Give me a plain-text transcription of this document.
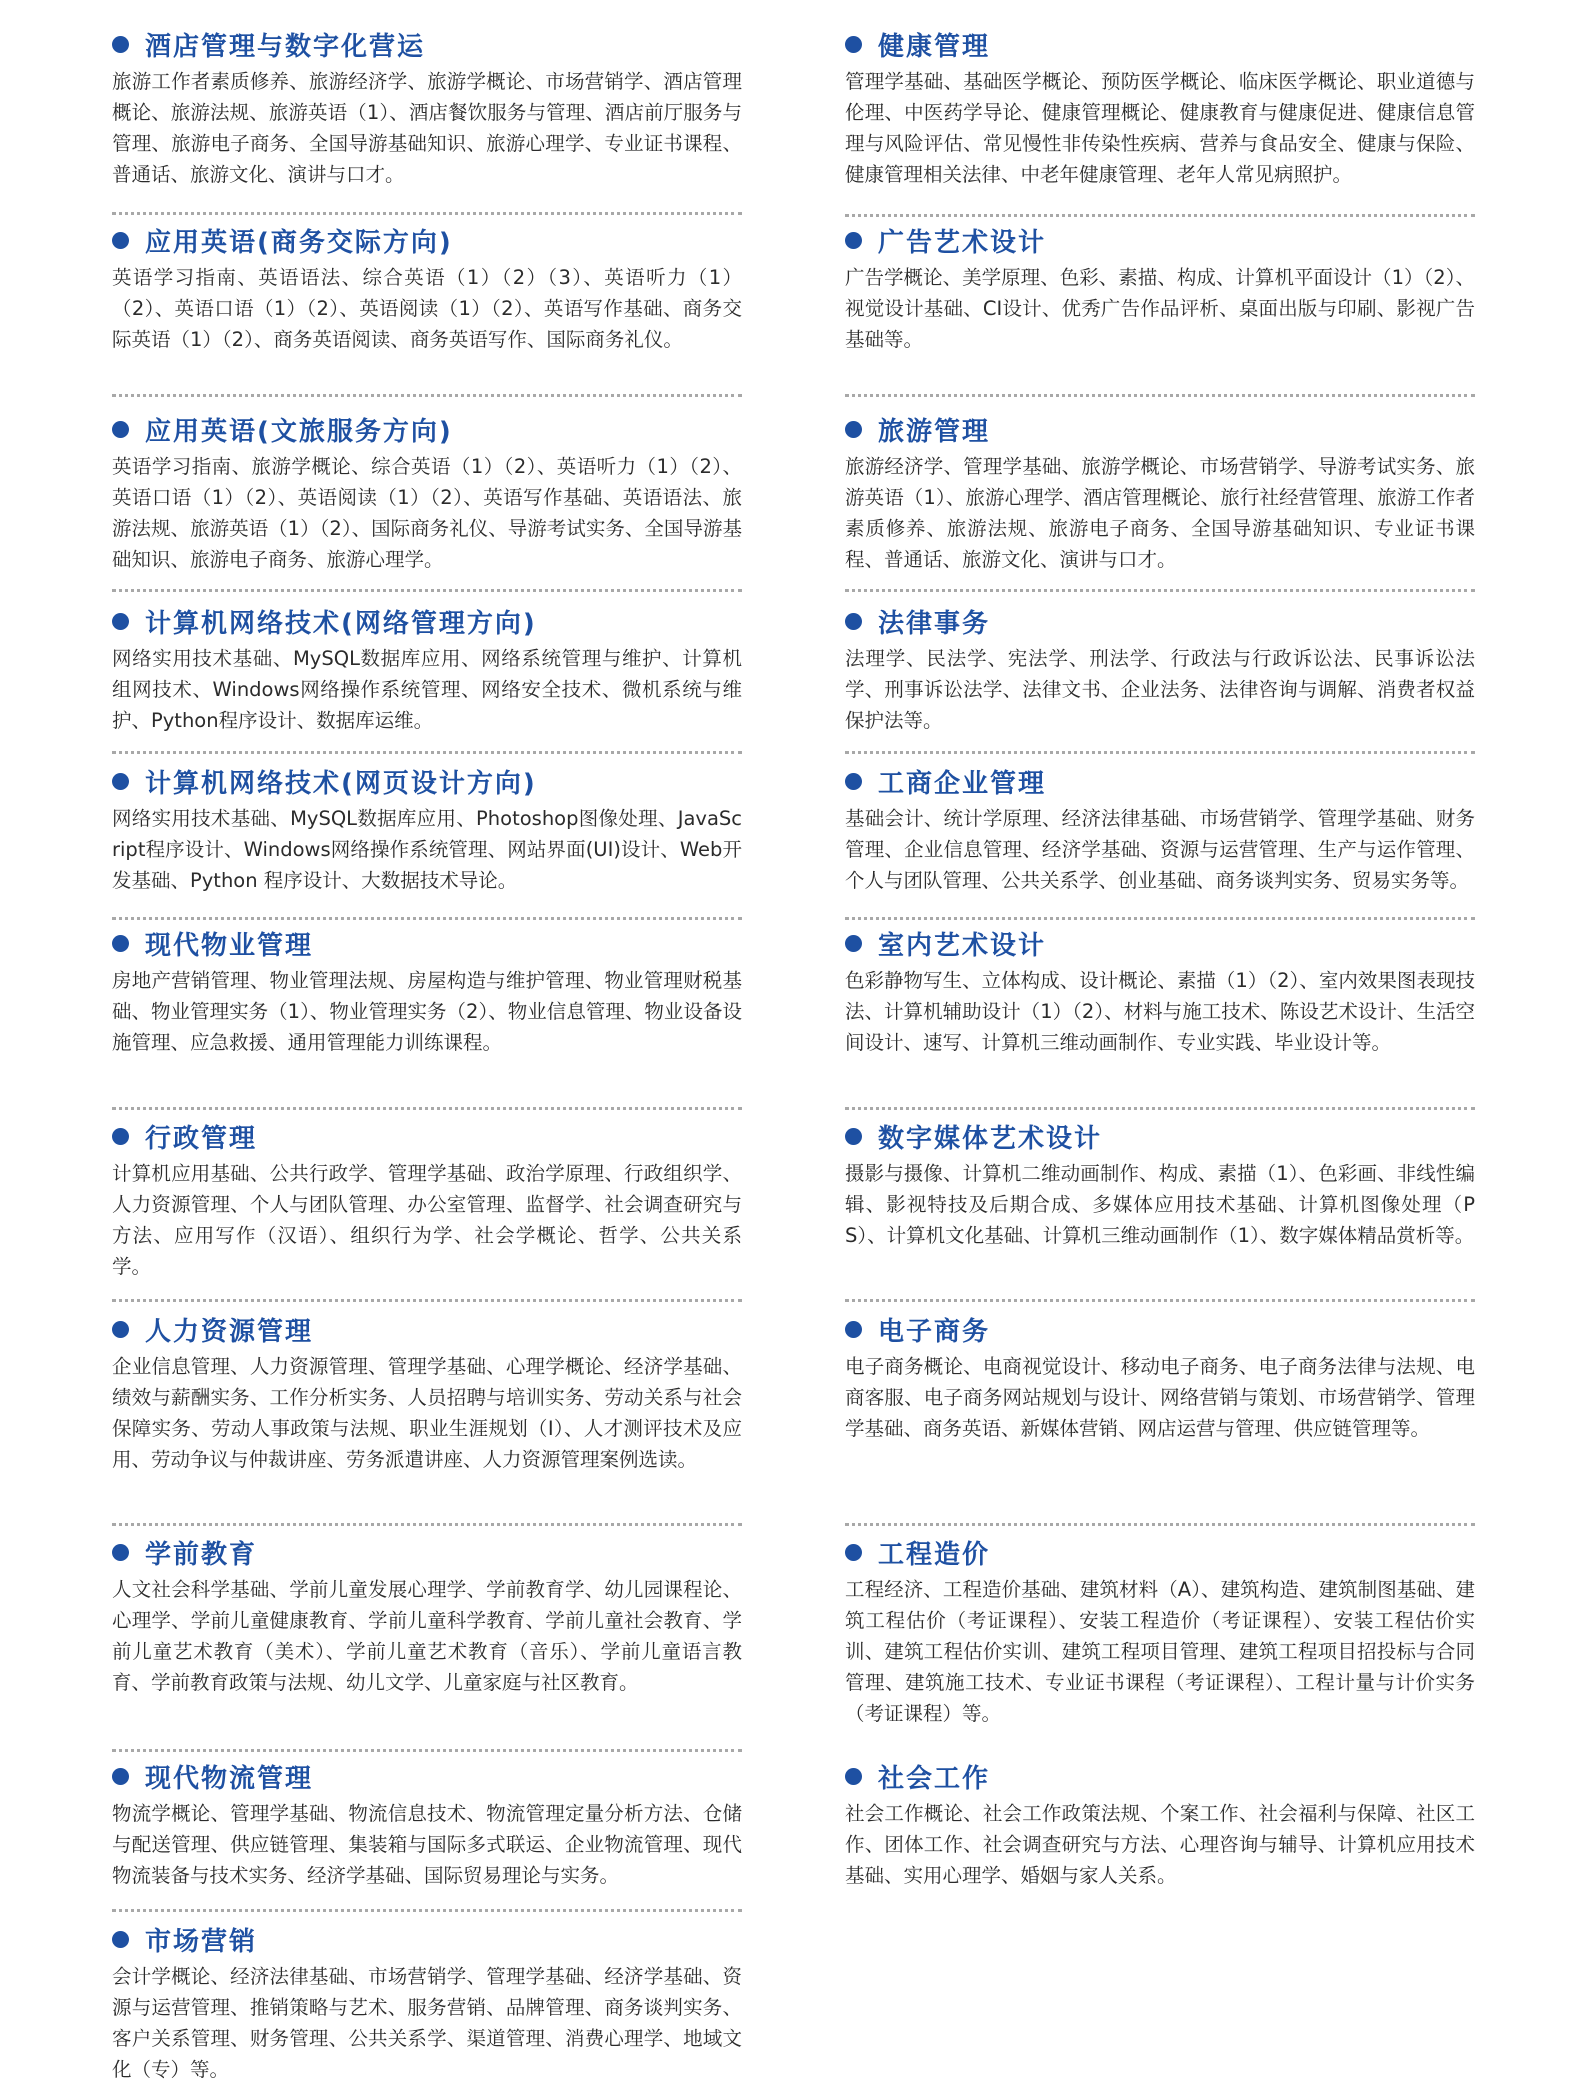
酒店管理与数字化营运
旅游工作者素质修养、旅游经济学、旅游学概论、市场营销学、酒店管理概论、旅游法规、旅游英语（1）、酒店餐饮服务与管理、酒店前厅服务与管理、旅游电子商务、全国导游基础知识、旅游心理学、专业证书课程、普通话、旅游文化、演讲与口才。
应用英语(商务交际方向)
英语学习指南、英语语法、综合英语（1）（2）（3）、英语听力（1）（2）、英语口语（1）（2）、英语阅读（1）（2）、英语写作基础、商务交际英语（1）（2）、商务英语阅读、商务英语写作、国际商务礼仪。
应用英语(文旅服务方向)
英语学习指南、旅游学概论、综合英语（1）（2）、英语听力（1）（2）、英语口语（1）（2）、英语阅读（1）（2）、英语写作基础、英语语法、旅游法规、旅游英语（1）（2）、国际商务礼仪、导游考试实务、全国导游基础知识、旅游电子商务、旅游心理学。
计算机网络技术(网络管理方向)
网络实用技术基础、MySQL数据库应用、网络系统管理与维护、计算机组网技术、Windows网络操作系统管理、网络安全技术、微机系统与维护、Python程序设计、数据库运维。
计算机网络技术(网页设计方向)
网络实用技术基础、MySQL数据库应用、Photoshop图像处理、JavaScript程序设计、Windows网络操作系统管理、网站界面(UI)设计、Web开发基础、Python 程序设计、大数据技术导论。
现代物业管理
房地产营销管理、物业管理法规、房屋构造与维护管理、物业管理财税基础、物业管理实务（1）、物业管理实务（2）、物业信息管理、物业设备设施管理、应急救援、通用管理能力训练课程。
行政管理
计算机应用基础、公共行政学、管理学基础、政治学原理、行政组织学、人力资源管理、个人与团队管理、办公室管理、监督学、社会调查研究与方法、应用写作（汉语）、组织行为学、社会学概论、哲学、公共关系学。
人力资源管理
企业信息管理、人力资源管理、管理学基础、心理学概论、经济学基础、绩效与薪酬实务、工作分析实务、人员招聘与培训实务、劳动关系与社会保障实务、劳动人事政策与法规、职业生涯规划（I）、人才测评技术及应用、劳动争议与仲裁讲座、劳务派遣讲座、人力资源管理案例选读。
学前教育
人文社会科学基础、学前儿童发展心理学、学前教育学、幼儿园课程论、心理学、学前儿童健康教育、学前儿童科学教育、学前儿童社会教育、学前儿童艺术教育（美术）、学前儿童艺术教育（音乐）、学前儿童语言教育、学前教育政策与法规、幼儿文学、儿童家庭与社区教育。
现代物流管理
物流学概论、管理学基础、物流信息技术、物流管理定量分析方法、仓储与配送管理、供应链管理、集装箱与国际多式联运、企业物流管理、现代物流装备与技术实务、经济学基础、国际贸易理论与实务。
市场营销
会计学概论、经济法律基础、市场营销学、管理学基础、经济学基础、资源与运营管理、推销策略与艺术、服务营销、品牌管理、商务谈判实务、客户关系管理、财务管理、公共关系学、渠道管理、消费心理学、地域文化（专）等。
健康管理
管理学基础、基础医学概论、预防医学概论、临床医学概论、职业道德与伦理、中医药学导论、健康管理概论、健康教育与健康促进、健康信息管理与风险评估、常见慢性非传染性疾病、营养与食品安全、健康与保险、健康管理相关法律、中老年健康管理、老年人常见病照护。
广告艺术设计
广告学概论、美学原理、色彩、素描、构成、计算机平面设计（1）（2）、视觉设计基础、CI设计、优秀广告作品评析、桌面出版与印刷、影视广告基础等。
旅游管理
旅游经济学、管理学基础、旅游学概论、市场营销学、导游考试实务、旅游英语（1）、旅游心理学、酒店管理概论、旅行社经营管理、旅游工作者素质修养、旅游法规、旅游电子商务、全国导游基础知识、专业证书课程、普通话、旅游文化、演讲与口才。
法律事务
法理学、民法学、宪法学、刑法学、行政法与行政诉讼法、民事诉讼法学、刑事诉讼法学、法律文书、企业法务、法律咨询与调解、消费者权益保护法等。
工商企业管理
基础会计、统计学原理、经济法律基础、市场营销学、管理学基础、财务管理、企业信息管理、经济学基础、资源与运营管理、生产与运作管理、个人与团队管理、公共关系学、创业基础、商务谈判实务、贸易实务等。
室内艺术设计
色彩静物写生、立体构成、设计概论、素描（1）（2）、室内效果图表现技法、计算机辅助设计（1）（2）、材料与施工技术、陈设艺术设计、生活空间设计、速写、计算机三维动画制作、专业实践、毕业设计等。
数字媒体艺术设计
摄影与摄像、计算机二维动画制作、构成、素描（1）、色彩画、非线性编辑、影视特技及后期合成、多媒体应用技术基础、计算机图像处理（PS）、计算机文化基础、计算机三维动画制作（1）、数字媒体精品赏析等。
电子商务
电子商务概论、电商视觉设计、移动电子商务、电子商务法律与法规、电商客服、电子商务网站规划与设计、网络营销与策划、市场营销学、管理学基础、商务英语、新媒体营销、网店运营与管理、供应链管理等。
工程造价
工程经济、工程造价基础、建筑材料（A）、建筑构造、建筑制图基础、建筑工程估价（考证课程）、安装工程造价（考证课程）、安装工程估价实训、建筑工程估价实训、建筑工程项目管理、建筑工程项目招投标与合同管理、建筑施工技术、专业证书课程（考证课程）、工程计量与计价实务（考证课程）等。
社会工作
社会工作概论、社会工作政策法规、个案工作、社会福利与保障、社区工作、团体工作、社会调查研究与方法、心理咨询与辅导、计算机应用技术基础、实用心理学、婚姻与家人关系。
